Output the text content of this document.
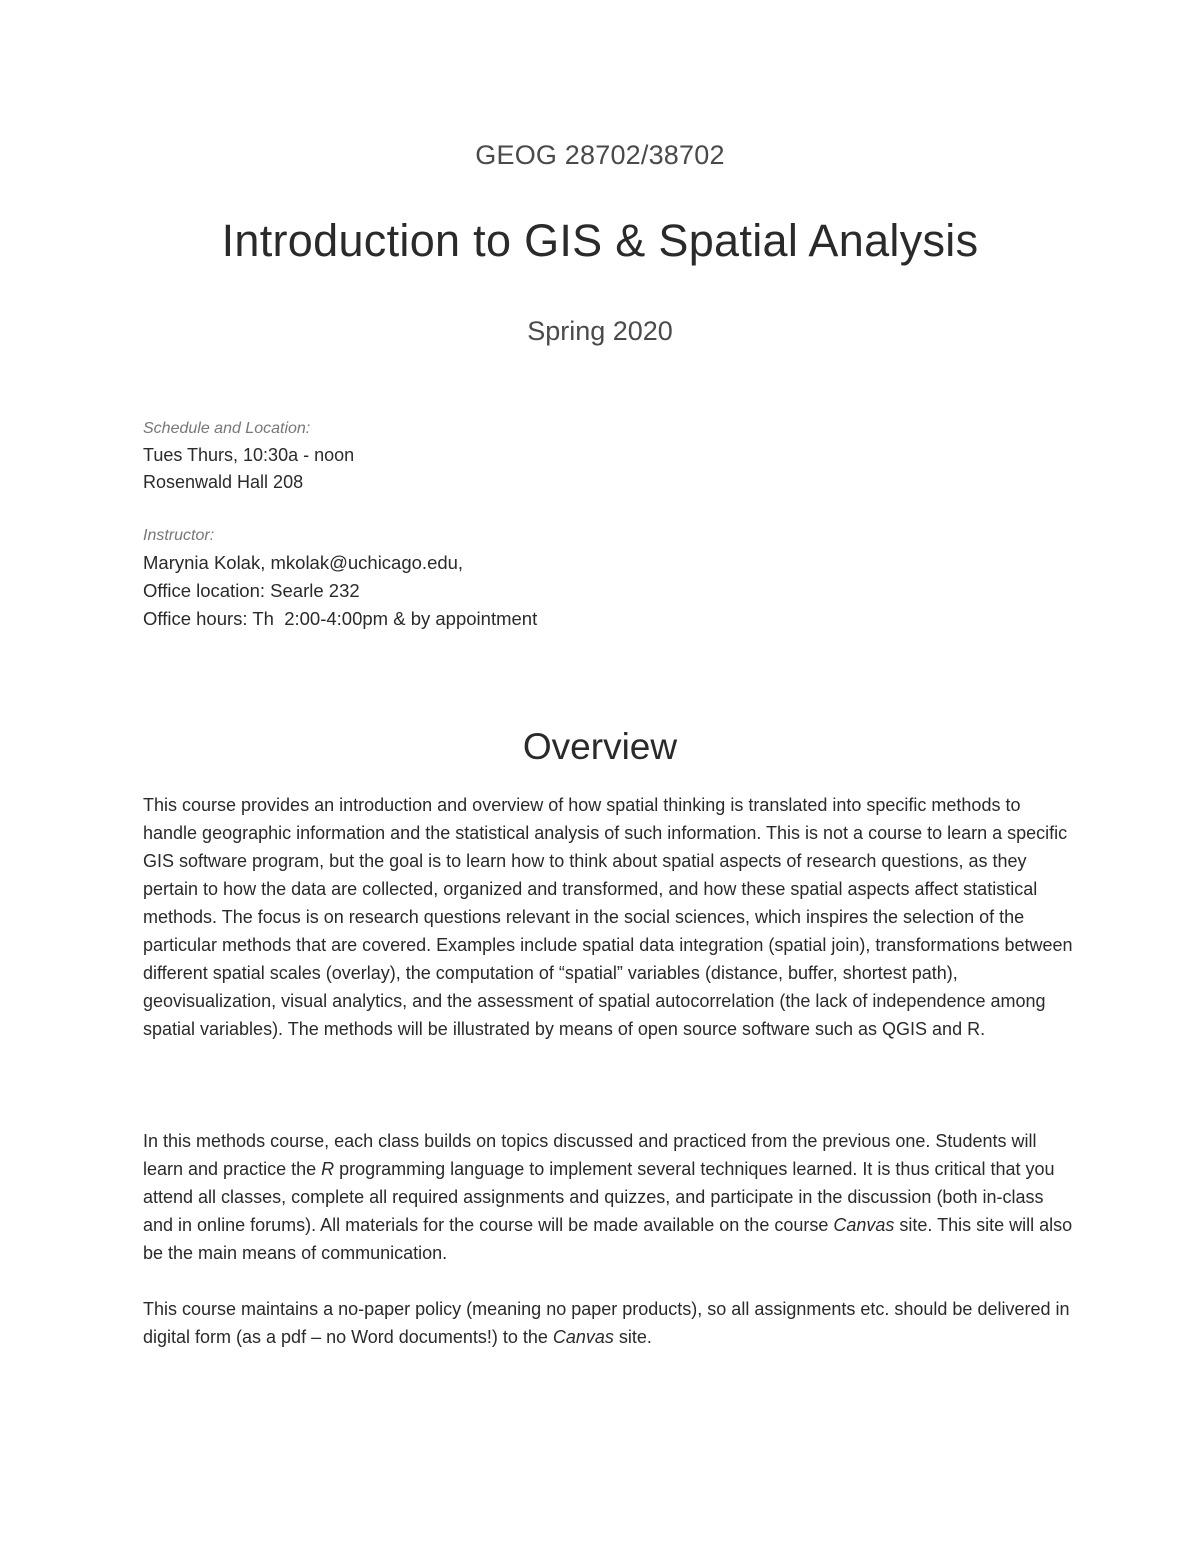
GEOG 28702/38702
Introduction to GIS & Spatial Analysis
Spring 2020
Schedule and Location:
Tues Thurs, 10:30a - noon
Rosenwald Hall 208
Instructor:
Marynia Kolak, mkolak@uchicago.edu,
Office location: Searle 232
Office hours: Th  2:00-4:00pm & by appointment
Overview

This course provides an introduction and overview of how spatial thinking is translated into specific methods to handle geographic information and the statistical analysis of such information. This is not a course to learn a specific GIS software program, but the goal is to learn how to think about spatial aspects of research questions, as they pertain to how the data are collected, organized and transformed, and how these spatial aspects affect statistical methods. The focus is on research questions relevant in the social sciences, which inspires the selection of the particular methods that are covered. Examples include spatial data integration (spatial join), transformations between different spatial scales (overlay), the computation of “spatial” variables (distance, buffer, shortest path), geovisualization, visual analytics, and the assessment of spatial autocorrelation (the lack of independence among spatial variables). The methods will be illustrated by means of open source software such as QGIS and R.

In this methods course, each class builds on topics discussed and practiced from the previous one. Students will learn and practice the R programming language to implement several techniques learned. It is thus critical that you attend all classes, complete all required assignments and quizzes, and participate in the discussion (both in-class and in online forums). All materials for the course will be made available on the course Canvas site. This site will also be the main means of communication.

This course maintains a no-paper policy (meaning no paper products), so all assignments etc. should be delivered in digital form (as a pdf – no Word documents!) to the Canvas site.
